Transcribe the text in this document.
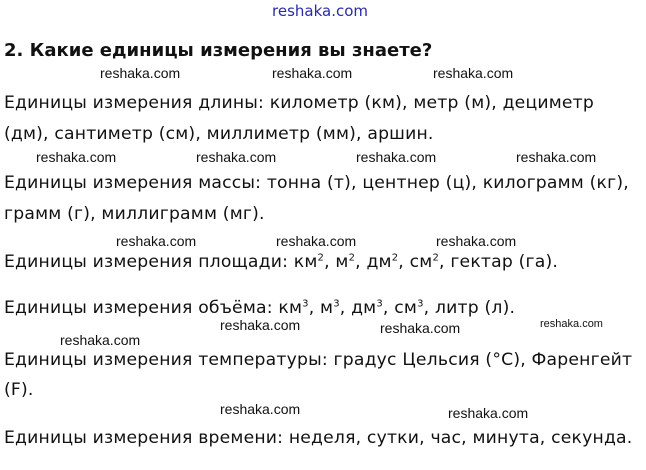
reshaka.com
2. Какие единицы измерения вы знаете?
reshaka.com	reshaka.com	reshaka.com
Единицы измерения длины: километр (км), метр (м), дециметр
(дм), сантиметр (см), миллиметр (мм), аршин.
reshaka.com	reshaka.com	reshaka.com	reshaka.com
Единицы измерения массы: тонна (т), центнер (ц), килограмм (кг),
грамм (г), миллиграмм (мг).
reshaka.com	reshaka.com	reshaka.com
Единицы измерения площади: $км^2$, $м^2$, $дм^2$, $см^2$, гектар (га).
Единицы измерения объёма: $км^3$, $м^3$, $дм^3$, $см^3$, литр (л).
reshaka.com	reshaka.com	reshaka.com
reshaka.com
Единицы измерения температуры: градус Цельсия (°С), Фаренгейт
(F).
reshaka.com	reshaka.com
Единицы измерения времени: неделя, сутки, час, минута, секунда.
